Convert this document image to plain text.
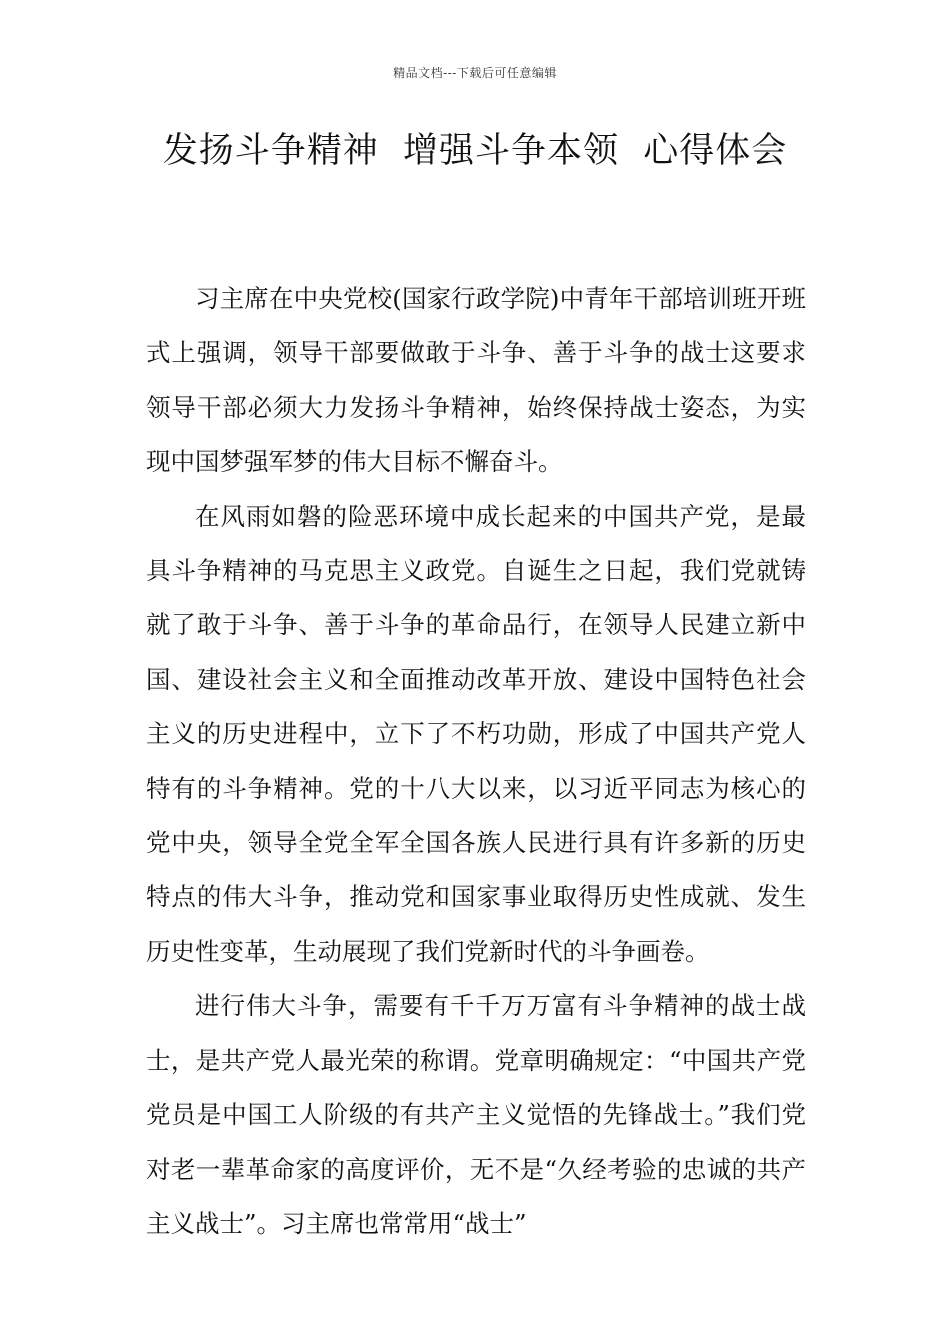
精品文档---下载后可任意编辑
发扬斗争精神  增强斗争本领  心得体会

习主席在中央党校(国家行政学院)中青年干部培训班开班式上强调，领导干部要做敢于斗争、善于斗争的战士这要求领导干部必须大力发扬斗争精神，始终保持战士姿态，为实现中国梦强军梦的伟大目标不懈奋斗。

在风雨如磐的险恶环境中成长起来的中国共产党，是最具斗争精神的马克思主义政党。自诞生之日起，我们党就铸就了敢于斗争、善于斗争的革命品行，在领导人民建立新中国、建设社会主义和全面推动改革开放、建设中国特色社会主义的历史进程中，立下了不朽功勋，形成了中国共产党人特有的斗争精神。党的十八大以来，以习近平同志为核心的党中央，领导全党全军全国各族人民进行具有许多新的历史特点的伟大斗争，推动党和国家事业取得历史性成就、发生历史性变革，生动展现了我们党新时代的斗争画卷。

进行伟大斗争，需要有千千万万富有斗争精神的战士战士，是共产党人最光荣的称谓。党章明确规定：“中国共产党党员是中国工人阶级的有共产主义觉悟的先锋战士。”我们党对老一辈革命家的高度评价，无不是“久经考验的忠诚的共产主义战士”。习主席也常常用“战士”
